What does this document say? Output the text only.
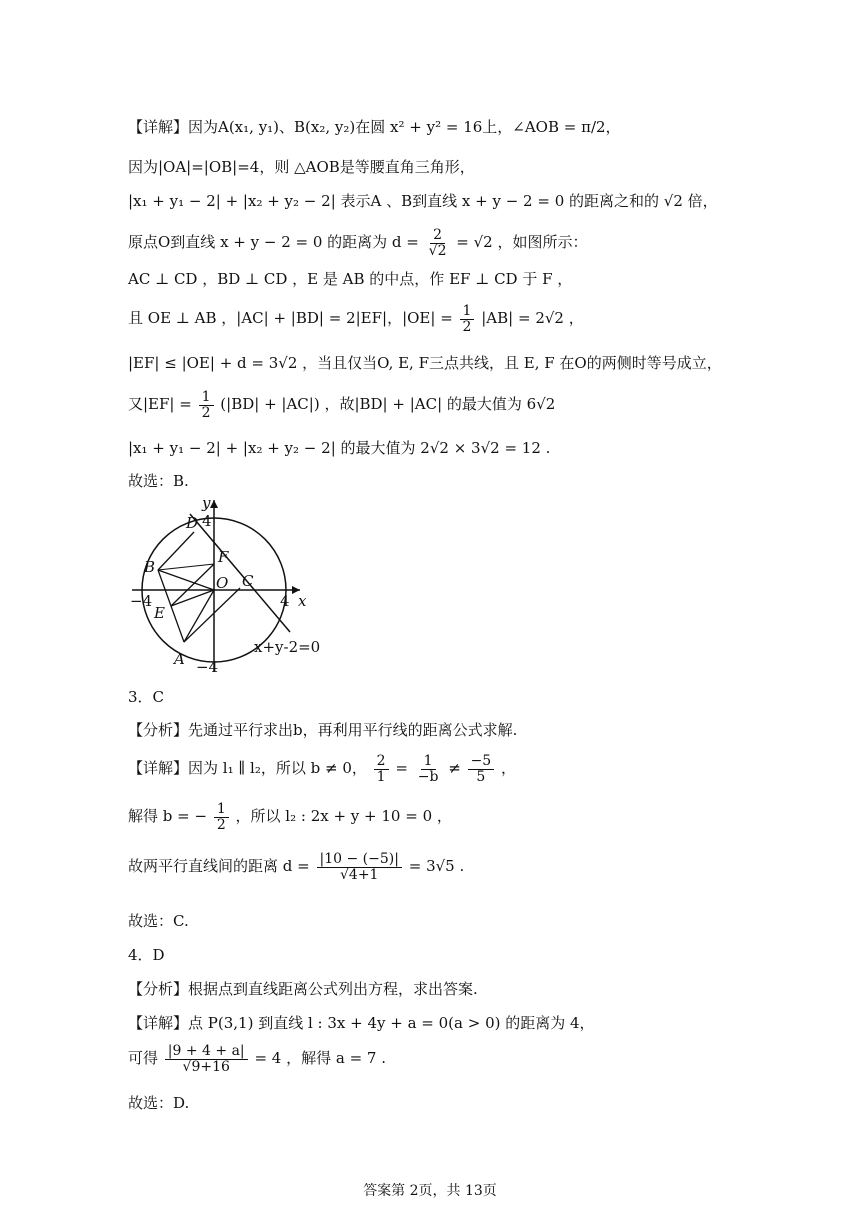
【详解】因为A(x₁, y₁)、B(x₂, y₂)在圆 x² + y² = 16上，∠AOB = π/2，
因为|OA|=|OB|=4，则 △AOB是等腰直角三角形，
|x₁ + y₁ − 2| + |x₂ + y₂ − 2| 表示A 、B到直线 x + y − 2 = 0 的距离之和的 √2 倍，
原点O到直线 x + y − 2 = 0 的距离为 $d = \frac{2}{√2} = √2$ ，如图所示：
AC ⊥ CD ，BD ⊥ CD ，E 是 AB 的中点，作 EF ⊥ CD 于 F ，
且 OE ⊥ AB ，|AC| + |BD| = 2|EF|，$|OE| = \frac{1}{2} |AB| = 2√2$ ，
|EF| ≤ |OE| + d = 3√2 ，当且仅当O, E, F三点共线，且 E, F 在O的两侧时等号成立，
又$|EF| = \frac{1}{2} (|BD| + |AC|)$ ，故|BD| + |AC| 的最大值为 6√2
|x₁ + y₁ − 2| + |x₂ + y₂ − 2| 的最大值为 2√2 × 3√2 = 12 .
故选：B.
y
D
B
F
O C
E
A
x
4
4
−4
−4
x+y-2=0
3．C
【分析】先通过平行求出b，再利用平行线的距离公式求解.
【详解】因为 l₁ ∥ l₂，所以 b ≠ 0， $\frac{2}{1} = \frac{1}{-b} \ne \frac{-5}{5}$ ，
解得 b = − $\frac{1}{2}$ ，所以 l₂ : 2x + y + 10 = 0 ，
故两平行直线间的距离 $d = \frac{|10 - (-5)|}{√4+1} = 3√5$ .
故选：C.
4．D
【分析】根据点到直线距离公式列出方程，求出答案.
【详解】点 P(3,1) 到直线 l : 3x + 4y + a = 0(a > 0) 的距离为 4，
可得 $\frac{|9 + 4 + a|}{√9+16} = 4$ ，解得 a = 7 .
故选：D.
答案第 2页，共 13页
